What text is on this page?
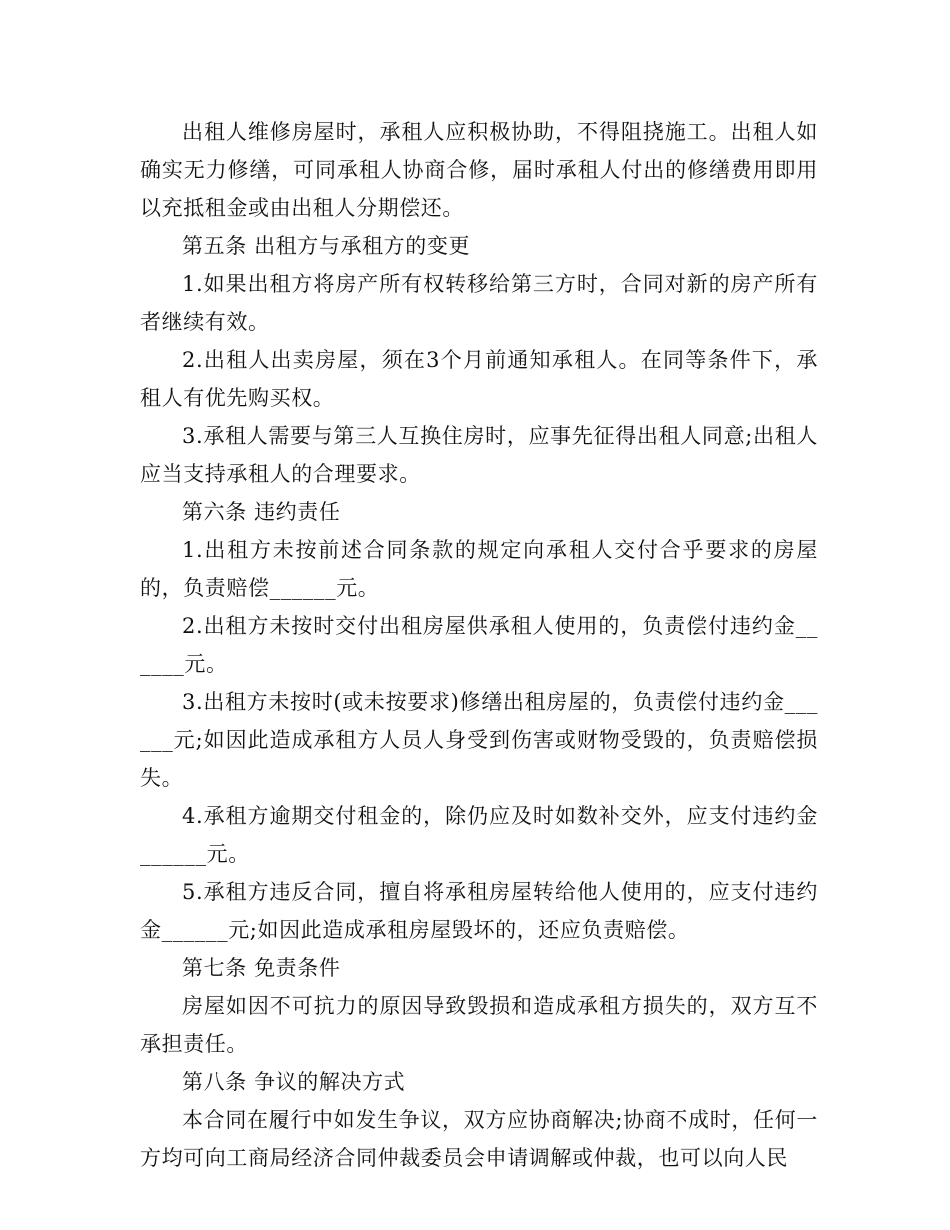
出租人维修房屋时，承租人应积极协助，不得阻挠施工。出租人如确实无力修缮，可同承租人协商合修，届时承租人付出的修缮费用即用以充抵租金或由出租人分期偿还。

第五条 出租方与承租方的变更

1.如果出租方将房产所有权转移给第三方时，合同对新的房产所有者继续有效。

2.出租人出卖房屋，须在3个月前通知承租人。在同等条件下，承租人有优先购买权。

3.承租人需要与第三人互换住房时，应事先征得出租人同意;出租人应当支持承租人的合理要求。

第六条 违约责任

1.出租方未按前述合同条款的规定向承租人交付合乎要求的房屋的，负责赔偿______元。

2.出租方未按时交付出租房屋供承租人使用的，负责偿付违约金______元。

3.出租方未按时(或未按要求)修缮出租房屋的，负责偿付违约金______元;如因此造成承租方人员人身受到伤害或财物受毁的，负责赔偿损失。

4.承租方逾期交付租金的，除仍应及时如数补交外，应支付违约金______元。

5.承租方违反合同，擅自将承租房屋转给他人使用的，应支付违约金______元;如因此造成承租房屋毁坏的，还应负责赔偿。

第七条 免责条件

房屋如因不可抗力的原因导致毁损和造成承租方损失的，双方互不承担责任。

第八条 争议的解决方式

本合同在履行中如发生争议，双方应协商解决;协商不成时，任何一方均可向工商局经济合同仲裁委员会申请调解或仲裁，也可以向人民
